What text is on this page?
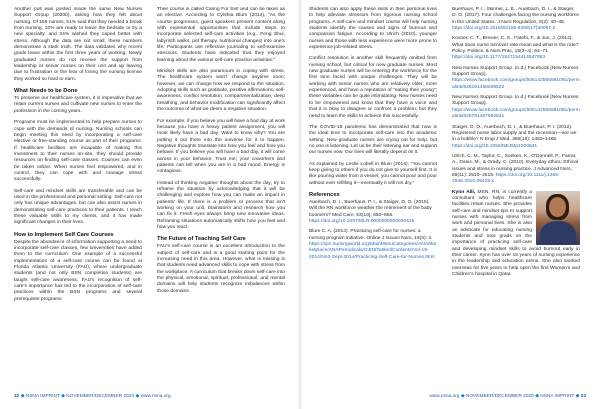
Another poll was posted inside the same New Nurses Support Group (2020b), asking how they felt about nursing. Of 159 nurses, 51% said that they needed a break from nursing, 10% are ready to leave the bedside or try a new specialty, and 24% wished they caped better with stress. Although the data are not small, these numbers demonstrate a stark truth. The data validates why recent grads leave within the first three years of working. Newly graduated nurses do not receive the support from leadership or senior nurses on their unit and up leaving due to frustration or the fear of losing the nursing license they worked so hard to earn.

What Needs to be Done

To preserve our healthcare system, it is imperative that we retain current nurses and cultivate new nurses to enter the profession in the coming years.

Programs must be implemented to help prepare nurses to cope with the demands of nursing. Nursing schools can begin meeting this need by incorporating a self-care elective or free-standing course as part of their programs. If healthcare facilities are incapable of making this investment to their nurses on-site, they should provide resources on finding self-care classes. Courses can even be taken online. When nurses feel empowered, and in control, they can cope with and manage stress successfully.

Self-care and mindset skills are transferable and can be used in the professional and personal setting. Self-care not only has unique advantages, but can also assist nurses in demonstrating self-care practices to their patients. I teach these valuable skills to my clients, and it has made significant changes in their lives.

How to Implement Self Care Courses

Despite the abundance of information supporting a need to incorporate self-care classes, few universities have added them to the curriculum. One example of a successful implementation of a self-care course can be found at Florida Atlantic University (FAU), where undergraduate students (and not only BSN completion students) are taught self-care awareness. FAU's recognition of self-care's importance has led to the incorporation of self-care practices within the BSN programs and several prerequisite programs

Their course is called Caring For Self and can be taken as an elective. According to Cynthia Blum (2014), "As the course progresses, guest speakers present content along with experiential opportunities that include steps to incorporate selected self-care activities (e.g., Feng Shui, labyrinth walks, pet therapy, nutritional changes) into one's life. Participants use reflective journaling to self-examine stressors. Students have indicated that they enjoyed learning about the various self-care practice activities."

Mindset skills are also paramount in coping with stress. The healthcare system won't change anytime soon; however, we can change how we respond to the situation. Adopting skills such as gratitude, positive affirmations, self-awareness, conflict resolution, compartmentalization, deep breathing, and behavior modification can significantly affect the outcome of what we deem a negative situation.

For example, if you believe you will have a bad day at work because you have a heavy patient assignment, you will most likely have a bad day. Want to know why? You are putting it out there into the universe for it to happen. Negative thoughts translate into how you feel and how you behave. If you believe you will have a bad day, it will come across in your behavior. Trust me; your coworkers and patients can tell when you are in a bad mood. Energy is contagious.

Instead of thinking negative thoughts about the day, try to reframe the situation by acknowledging that it will be challenging and explore how you can make an impact in patients' life. If there is a problem or process that isn't working on your unit, brainstorm and research how you can fix it. Fresh eyes always bring new innovative ideas. Reframing situations automatically shifts how you feel and how you react.

The Future of Teaching Self Care

FAU's self-care course is an excellent introduction to the subject of self-care and is a good starting point for the increasing need in this area. However, what is missing is that students need advanced skills to cope with stress from the workplace. A curriculum that breaks down self-care into the physical, emotional, spiritual, professional, and mental domains will help students recognize imbalances within those domains.

Students can also apply these skills in their personal lives to help alleviate stressors from rigorous nursing school programs. A self-care and mindset course will help nursing students identify the causes and signs of burnout and compassion fatigue. According to Ulrich (2010), younger nurses and those with less experience were more prone to experience job-related stress.

Conflict resolution is another skill frequently omitted from nursing school, but critical for new graduate nurses. Most new graduate nurses will be entering the workforce for the first time faced with unique challenges. They will be working with senior nurses who are relatively older, more experienced, and have a reputation of "eating their young"; these variables can be quite intimidating. New nurses need to be empowered and know that they have a voice and that it is okay to disagree or confront a problem, but they need to learn the skills to achieve this successfully.

The COVID-19 pandemic has demonstrated that now is the ideal time to incorporate self-care into the academic setting. New graduate nurses are crying out for help, but no one is listening. Let us be their listening ear and support our nurses now. Our lives will literally depend on it.

As explained by Leslie Lobell in Blum (2014), "You cannot keep giving to others if you do not give to yourself first. It is like pouring water from a vessel; you cannot pour and pour without ever refilling it—eventually it will run dry."

References
Auerbach, D. I., Buerhaus, P. I., & Staiger, D. O. (2015). Will the RN workforce weather the retirement of the baby boomers? Med Care, 53(10): 850–856. https://doi.org/10.1097/MLR.0000000000000415
Blum C. A. (2014). Practicing self-care for nurses: a nursing program initiative. Online J Issues Nurs, 19(3): 3. https://ojin.nursingworld.org/MainMenuCategories/ANAMarketplace/ANAPeriodicals/OJIN/TableofContents/Vol-19-2014/No3-Sept-2014/Practicing-Self-Care-for-Nurses.html
Buerhaus, P. I., Skinner, L. E., Auerbach, D. I., & Staiger, D. O. (2017). Four challenges facing the nursing workforce in the United States. J Nurs Regulation, 8(2): 40–46. https://doi.org/10.1016/S2155-8256(17)30097-2
Kovner, C. T., Brewer, C. S., Fatehi, F., & Jun, J. (2014). What does nurse turnover rate mean and what is the rate? Policy, Politics, & Nurs Prac, 15(3–4): 64–71. https://doi.org/10.1177/1527154414547953
New Nurses Support Group. (n.d.) Facebook [New Nurses Support Group]. https://www.facebook.com/groups/506142556581091/permalink/825191458009522
New Nurses Support Group. (n.d.) Facebook [New Nurses Support Group]. https://www.facebook.com/groups/506142556581091/permalink/825791487952521
Staiger, D. O., Auerbach, D. I., & Buerhaus, P. I. (2012). Registered nurse labor supply and the recession—are we in a bubble? N Engl J Med, 366(16): 1463–1465. https://doi.org/10.1056/NEJMp1200641
Ulrich, C. M., Taylor, C., Soeken, K., O'Donnell, P., Farrar, A., Danis, M., & Grady, C. (2010). Everyday ethics: Ethical issues and stress in nursing practice. J Advanced Nurs, 66(11): 2510–2519. https://doi.org/10.1111/j.1365-2648.2010.05425.x

Kynn Alli, MSN, RN, is currently a consultant who helps healthcare facilities retain nurses. She provides self-care and mindset tips to support nurses with managing stress from work and personal lives. She is also an advocate for educating nursing students and new grads on the importance of practicing self-care and developing mindset skills to avoid burnout early in their career. Kynn has over 15 years of nursing experience in the leadership and education arena. She also worked overseas for five years to help open the first Women's and Children's hospital in Qatar.

32 ◆ NSNA IMPRINT ◆ NOVEMBER/DECEMBER 2020 ◆ www.nsna.org	www.nsna.org ◆ NOVEMBER/DECEMBER 2020 ◆ NSNA IMPRINT ◆ 33
